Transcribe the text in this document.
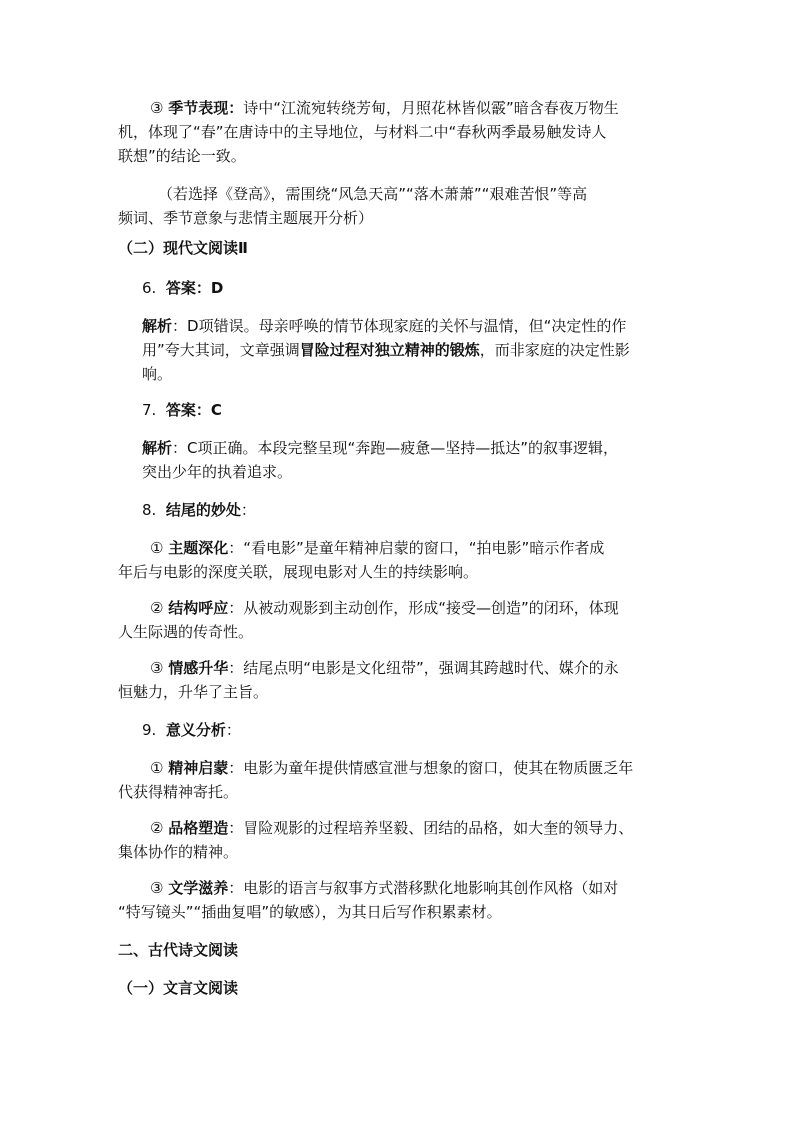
③ 季节表现：诗中“江流宛转绕芳甸，月照花林皆似霰”暗含春夜万物生
机，体现了“春”在唐诗中的主导地位，与材料二中“春秋两季最易触发诗人
联想”的结论一致。
（若选择《登高》，需围绕“风急天高”“落木萧萧”“艰难苦恨”等高
频词、季节意象与悲情主题展开分析）
（二）现代文阅读Ⅱ
6. 答案：D
解析：D项错误。母亲呼唤的情节体现家庭的关怀与温情，但“决定性的作
用”夸大其词，文章强调冒险过程对独立精神的锻炼，而非家庭的决定性影
响。
7. 答案：C
解析：C项正确。本段完整呈现“奔跑—疲惫—坚持—抵达”的叙事逻辑，
突出少年的执着追求。
8. 结尾的妙处：
① 主题深化：“看电影”是童年精神启蒙的窗口，“拍电影”暗示作者成
年后与电影的深度关联，展现电影对人生的持续影响。
② 结构呼应：从被动观影到主动创作，形成“接受—创造”的闭环，体现
人生际遇的传奇性。
③ 情感升华：结尾点明“电影是文化纽带”，强调其跨越时代、媒介的永
恒魅力，升华了主旨。
9. 意义分析：
① 精神启蒙：电影为童年提供情感宣泄与想象的窗口，使其在物质匮乏年
代获得精神寄托。
② 品格塑造：冒险观影的过程培养坚毅、团结的品格，如大奎的领导力、
集体协作的精神。
③ 文学滋养：电影的语言与叙事方式潜移默化地影响其创作风格（如对
“特写镜头”“插曲复唱”的敏感），为其日后写作积累素材。
二、古代诗文阅读
（一）文言文阅读
